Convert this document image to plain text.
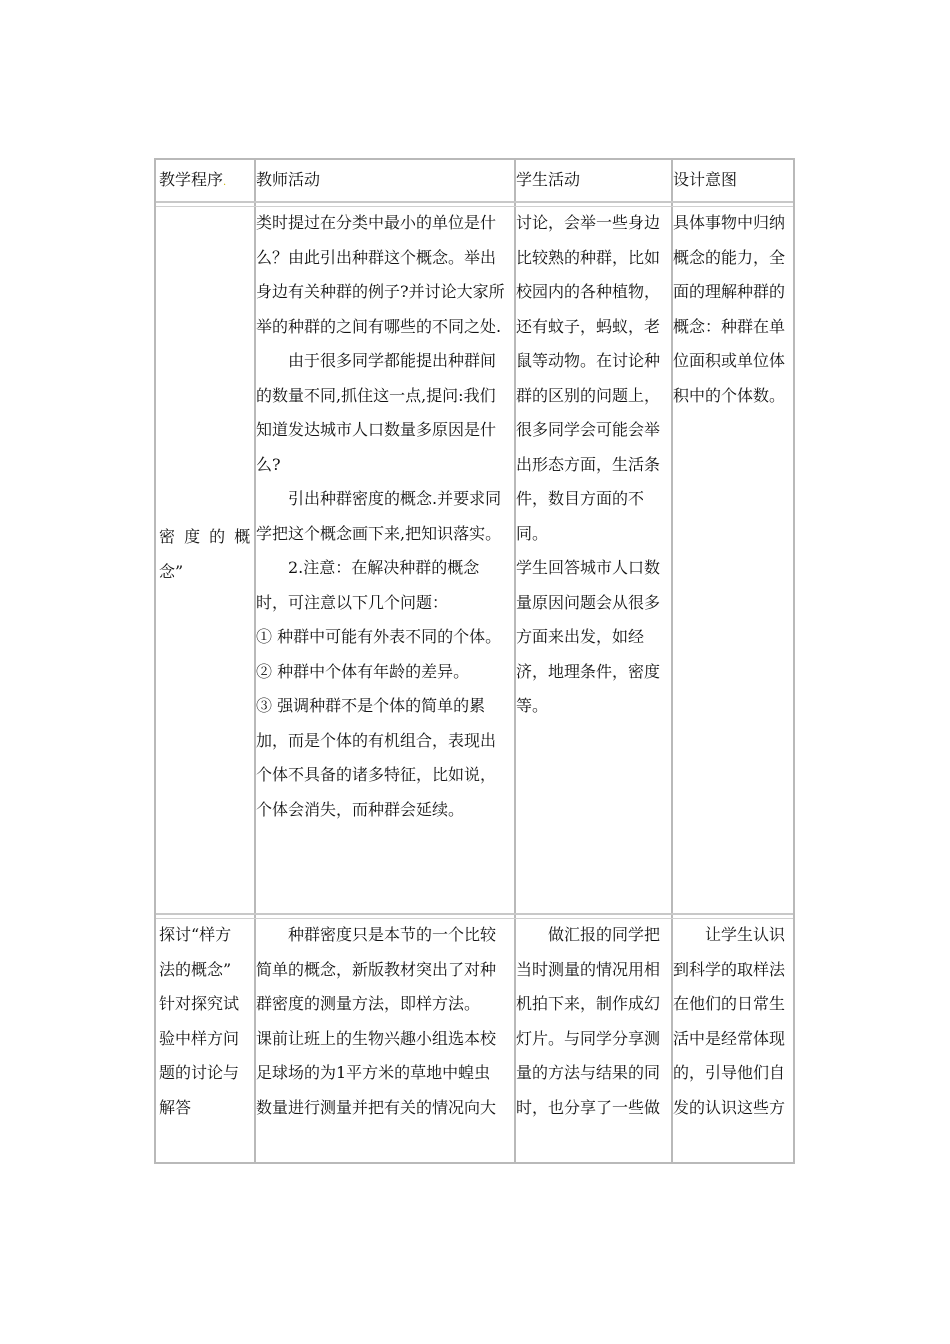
教学程序. 教师活动	学生活动	设计意图
密 度 的 概
念”
类时提过在分类中最小的单位是什
么？由此引出种群这个概念。举出
身边有关种群的例子?并讨论大家所
举的种群的之间有哪些的不同之处.
　　由于很多同学都能提出种群间
的数量不同,抓住这一点,提问:我们
知道发达城市人口数量多原因是什
么?
　　引出种群密度的概念.并要求同
学把这个概念画下来,把知识落实。
　　2.注意：在解决种群的概念
时，可注意以下几个问题：
① 种群中可能有外表不同的个体。
② 种群中个体有年龄的差异。
③ 强调种群不是个体的简单的累
加，而是个体的有机组合，表现出
个体不具备的诸多特征，比如说，
个体会消失，而种群会延续。
讨论，会举一些身边
比较熟的种群，比如
校园内的各种植物，
还有蚊子，蚂蚁，老
鼠等动物。在讨论种
群的区别的问题上，
很多同学会可能会举
出形态方面，生活条
件，数目方面的不
同。
学生回答城市人口数
量原因问题会从很多
方面来出发，如经
济，地理条件，密度
等。
具体事物中归纳
概念的能力，全
面的理解种群的
概念：种群在单
位面积或单位体
积中的个体数。
探讨“样方
法的概念”
针对探究试
验中样方问
题的讨论与
解答
　　种群密度只是本节的一个比较
简单的概念，新版教材突出了对种
群密度的测量方法，即样方法。
课前让班上的生物兴趣小组选本校
足球场的为1平方米的草地中蝗虫
数量进行测量并把有关的情况向大
　　做汇报的同学把
当时测量的情况用相
机拍下来，制作成幻
灯片。与同学分享测
量的方法与结果的同
时，也分享了一些做
　　让学生认识
到科学的取样法
在他们的日常生
活中是经常体现
的，引导他们自
发的认识这些方
